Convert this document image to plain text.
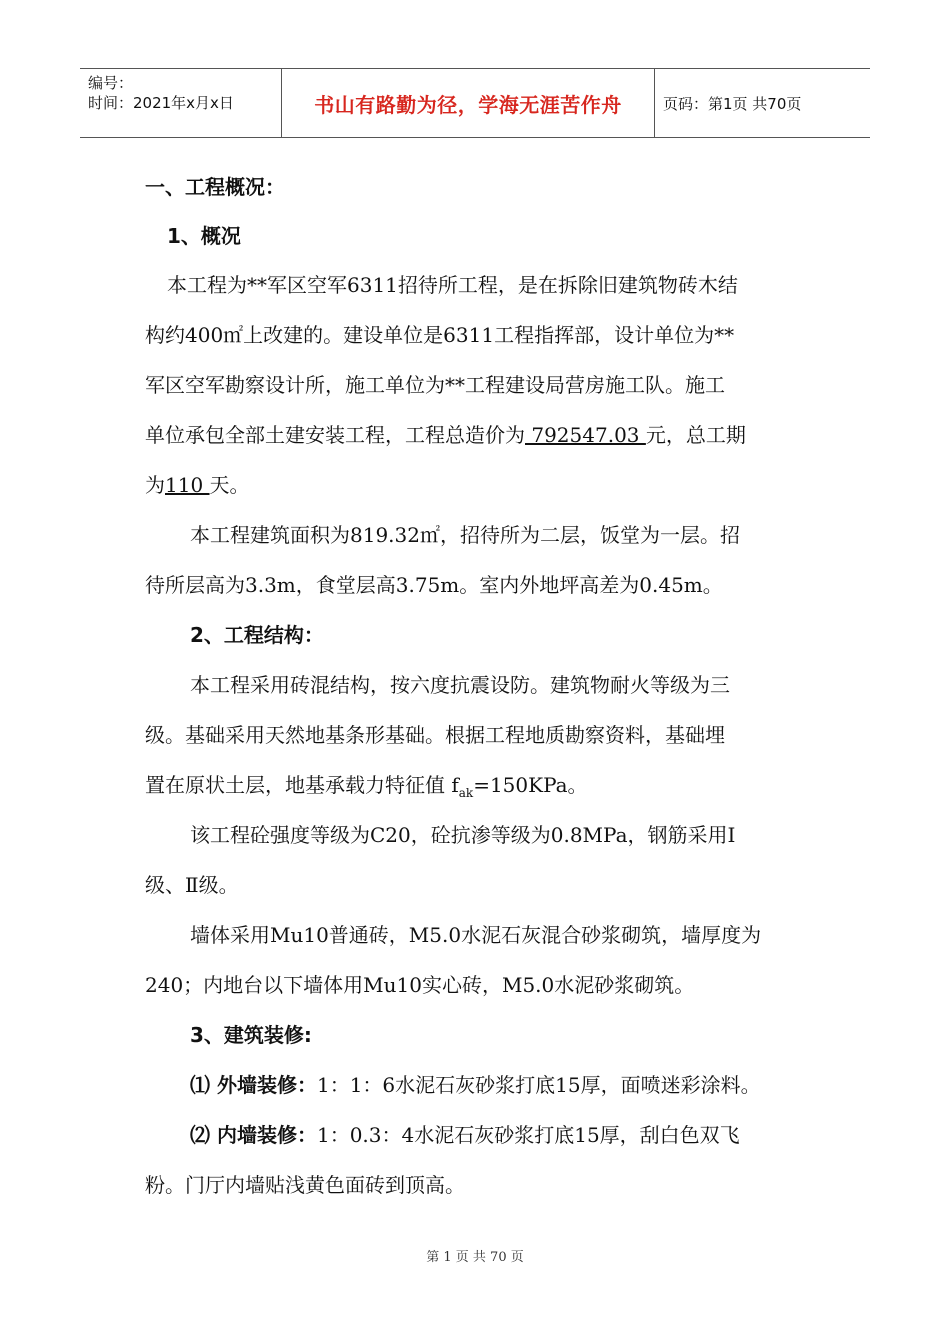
编号：
时间：2021年x月x日	书山有路勤为径，学海无涯苦作舟	页码：第1页 共70页
一、工程概况：
1、概况
本工程为**军区空军6311招待所工程，是在拆除旧建筑物砖木结
构约400㎡上改建的。建设单位是6311工程指挥部，设计单位为**
军区空军勘察设计所，施工单位为**工程建设局营房施工队。施工
单位承包全部土建安装工程，工程总造价为 792547.03 元，总工期
为110 天。
本工程建筑面积为819.32㎡，招待所为二层，饭堂为一层。招
待所层高为3.3m，食堂层高3.75m。室内外地坪高差为0.45m。
2、工程结构：
本工程采用砖混结构，按六度抗震设防。建筑物耐火等级为三
级。基础采用天然地基条形基础。根据工程地质勘察资料，基础埋
置在原状土层，地基承载力特征值 $f_{ak}=150KPa$。
该工程砼强度等级为C20，砼抗渗等级为0.8MPa，钢筋采用Ⅰ
级、Ⅱ级。
墙体采用Mu10普通砖，M5.0水泥石灰混合砂浆砌筑，墙厚度为
240；内地台以下墙体用Mu10实心砖，M5.0水泥砂浆砌筑。
3、建筑装修:
⑴ 外墙装修：1：1：6水泥石灰砂浆打底15厚，面喷迷彩涂料。
⑵ 内墙装修：1：0.3：4水泥石灰砂浆打底15厚，刮白色双飞
粉。门厅内墙贴浅黄色面砖到顶高。
第 1 页 共 70 页
